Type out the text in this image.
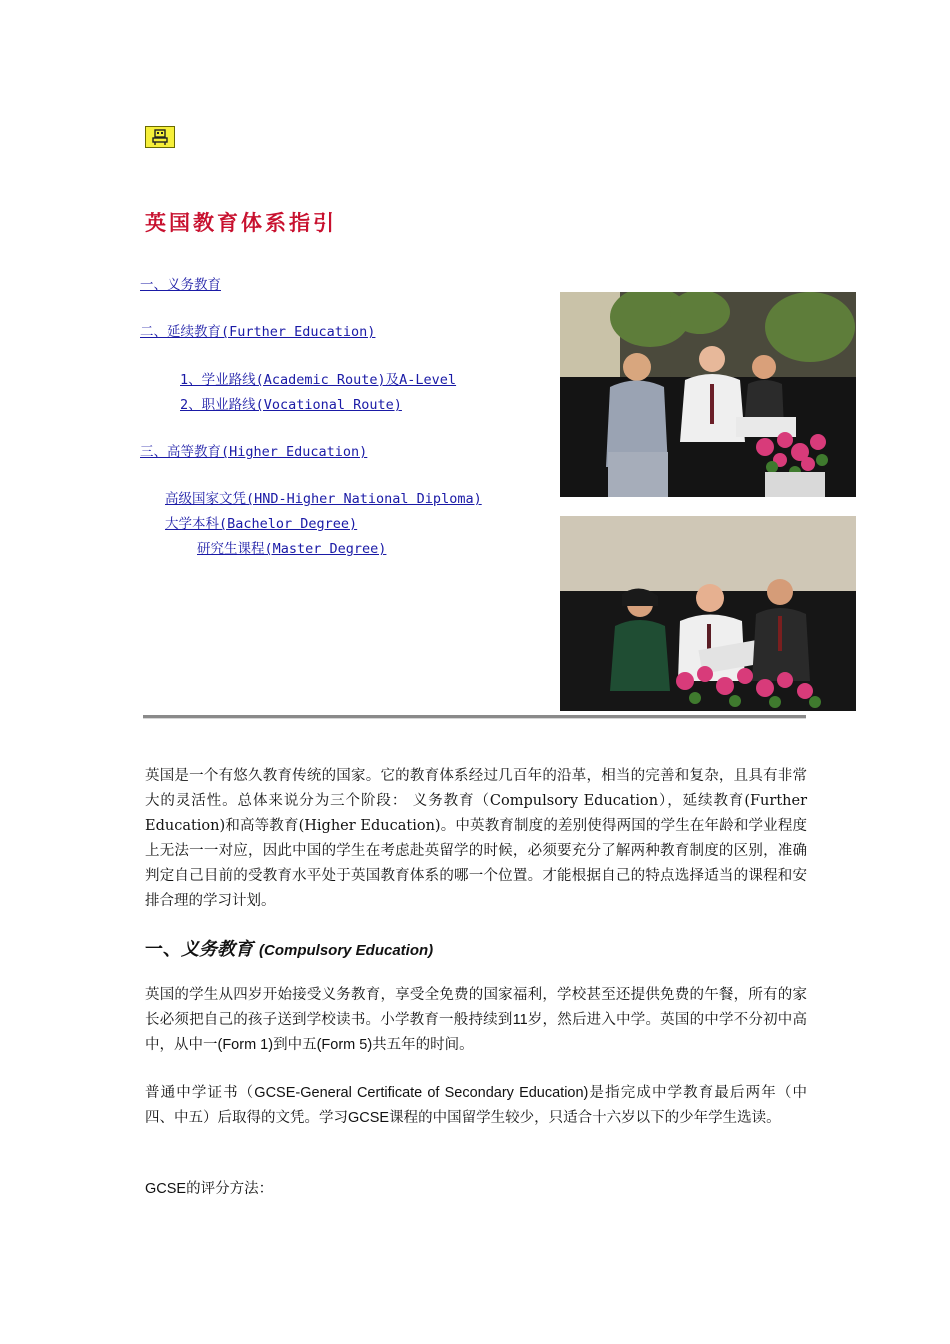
英国教育体系指引
一、义务教育
二、延续教育(Further Education)
1、学业路线(Academic Route)及A-Level
2、职业路线(Vocational Route)
三、高等教育(Higher Education)
高级国家文凭(HND-Higher National Diploma)
大学本科(Bachelor Degree)
研究生课程(Master Degree)

英国是一个有悠久教育传统的国家。它的教育体系经过几百年的沿革，相当的完善和复杂，且具有非常大的灵活性。总体来说分为三个阶段： 义务教育（Compulsory Education），延续教育(Further Education)和高等教育(Higher Education)。中英教育制度的差别使得两国的学生在年龄和学业程度上无法一一对应，因此中国的学生在考虑赴英留学的时候，必须要充分了解两种教育制度的区别，准确判定自己目前的受教育水平处于英国教育体系的哪一个位置。才能根据自己的特点选择适当的课程和安排合理的学习计划。

一、义务教育 (Compulsory Education)

英国的学生从四岁开始接受义务教育，享受全免费的国家福利，学校甚至还提供免费的午餐，所有的家长必须把自己的孩子送到学校读书。小学教育一般持续到11岁，然后进入中学。英国的中学不分初中高中，从中一(Form 1)到中五(Form 5)共五年的时间。

普通中学证书（GCSE-General Certificate of Secondary Education)是指完成中学教育最后两年（中四、中五）后取得的文凭。学习GCSE课程的中国留学生较少，只适合十六岁以下的少年学生选读。

GCSE的评分方法：
